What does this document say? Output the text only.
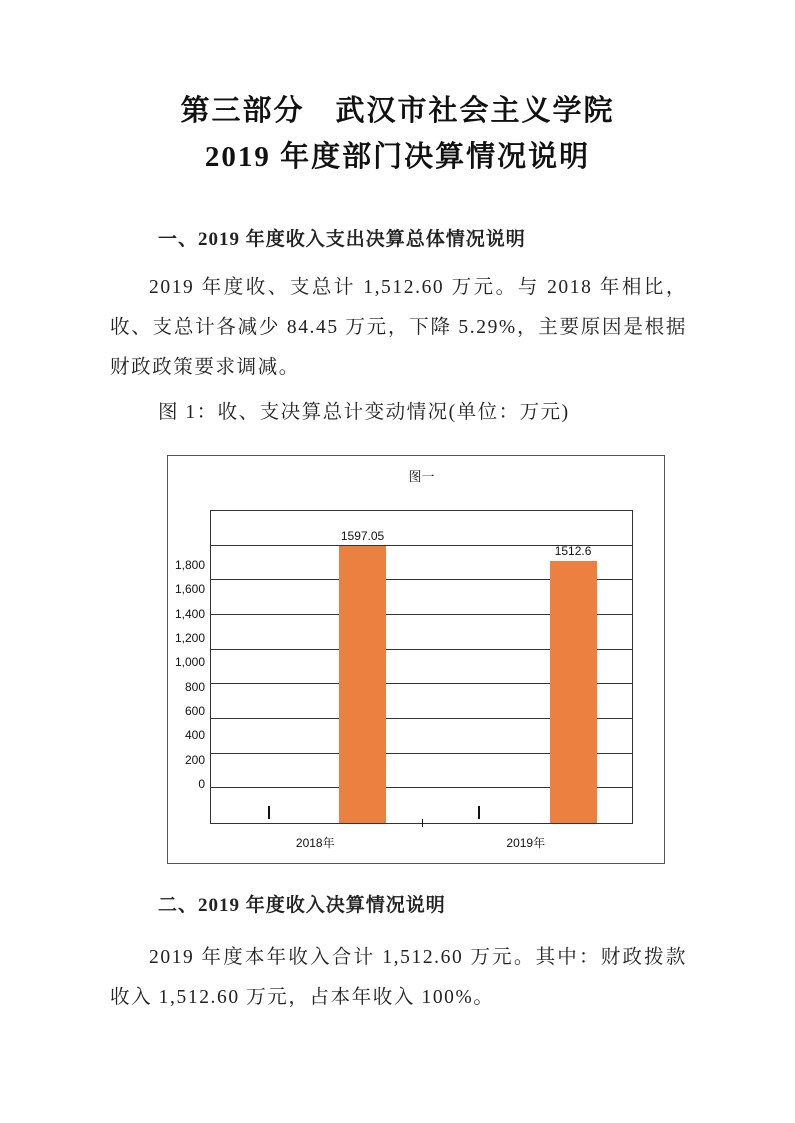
第三部分　武汉市社会主义学院
2019 年度部门决算情况说明
一、2019 年度收入支出决算总体情况说明
2019 年度收、支总计 1,512.60 万元。与 2018 年相比，收、支总计各减少 84.45 万元，下降 5.29%，主要原因是根据财政政策要求调减。
图 1：收、支决算总计变动情况(单位：万元)
图一
0
200
400
600
800
1,000
1,200
1,400
1,600
1,800
1597.05
1512.6
2018年	2019年
二、2019 年度收入决算情况说明
2019 年度本年收入合计 1,512.60 万元。其中：财政拨款收入 1,512.60 万元，占本年收入 100%。
